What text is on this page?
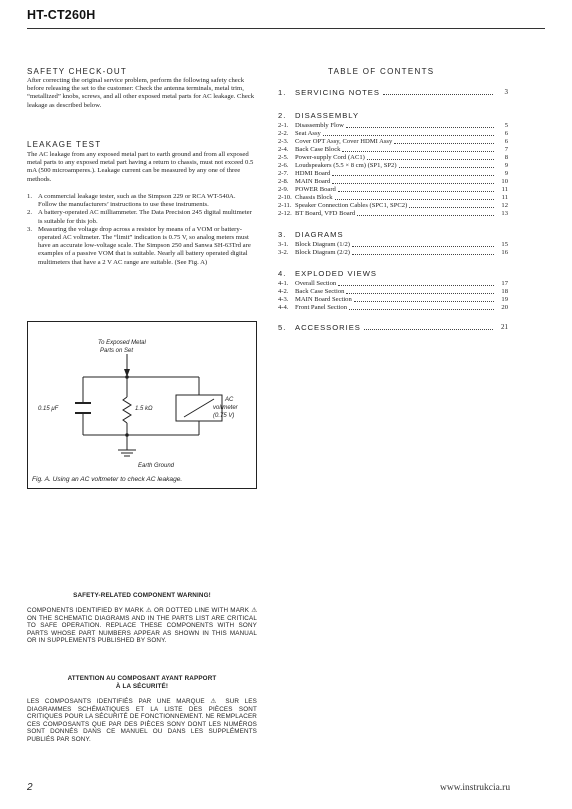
HT-CT260H
SAFETY CHECK-OUT
After correcting the original service problem, perform the following safety check before releasing the set to the customer: Check the antenna terminals, metal trim, “metallized” knobs, screws, and all other exposed metal parts for AC leakage. Check leakage as described below.
LEAKAGE TEST
The AC leakage from any exposed metal part to earth ground and from all exposed metal parts to any exposed metal part having a return to chassis, must not exceed 0.5 mA (500 microamperes.). Leakage current can be measured by any one of three methods.
1. A commercial leakage tester, such as the Simpson 229 or RCA WT-540A. Follow the manufacturers’ instructions to use these instruments.
2. A battery-operated AC milliammeter. The Data Precision 245 digital multimeter is suitable for this job.
3. Measuring the voltage drop across a resistor by means of a VOM or battery-operated AC voltmeter. The “limit” indication is 0.75 V, so analog meters must have an accurate low-voltage scale. The Simpson 250 and Sanwa SH-63Trd are examples of a passive VOM that is suitable. Nearly all battery operated digital multimeters that have a 2 V AC range are suitable. (See Fig. A)
To Exposed Metal
Parts on Set
0.15 μF	1.5 kΩ
AC
voltmeter
(0.75 V)
Earth Ground
Fig. A. Using an AC voltmeter to check AC leakage.
TABLE OF CONTENTS
1.	SERVICING NOTES	3
2.	DISASSEMBLY
2-1. Disassembly Flow	5
2-2. Seat Assy	6
2-3. Cover OPT Assy, Cover HDMI Assy	6
2-4. Back Case Block	7
2-5. Power-supply Cord (AC1)	8
2-6. Loudspeakers (5.5 × 8 cm) (SP1, SP2)	9
2-7. HDMI Board	9
2-8. MAIN Board	10
2-9. POWER Board	11
2-10. Chassis Block	11
2-11. Speaker Connection Cables (SPC1, SPC2)	12
2-12. BT Board, VFD Board	13
3.	DIAGRAMS
3-1. Block Diagram (1/2)	15
3-2. Block Diagram (2/2)	16
4.	EXPLODED VIEWS
4-1. Overall Section	17
4-2. Back Case Section	18
4-3. MAIN Board Section	19
4-4. Front Panel Section	20
5.	ACCESSORIES	21
SAFETY-RELATED COMPONENT WARNING!
COMPONENTS IDENTIFIED BY MARK ⚠ OR DOTTED LINE WITH MARK ⚠ ON THE SCHEMATIC DIAGRAMS AND IN THE PARTS LIST ARE CRITICAL TO SAFE OPERATION. REPLACE THESE COMPONENTS WITH SONY PARTS WHOSE PART NUMBERS APPEAR AS SHOWN IN THIS MANUAL OR IN SUPPLEMENTS PUBLISHED BY SONY.
ATTENTION AU COMPOSANT AYANT RAPPORT
À LA SÉCURITÉ!
LES COMPOSANTS IDENTIFIÉS PAR UNE MARQUE ⚠ SUR LES DIAGRAMMES SCHÉMATIQUES ET LA LISTE DES PIÈCES SONT CRITIQUES POUR LA SÉCURITÉ DE FONCTIONNEMENT. NE REMPLACER CES COMPOSANTS QUE PAR DES PIÈCES SONY DONT LES NUMÉROS SONT DONNÉS DANS CE MANUEL OU DANS LES SUPPLÉMENTS PUBLIÉS PAR SONY.
2	www.instrukcia.ru
